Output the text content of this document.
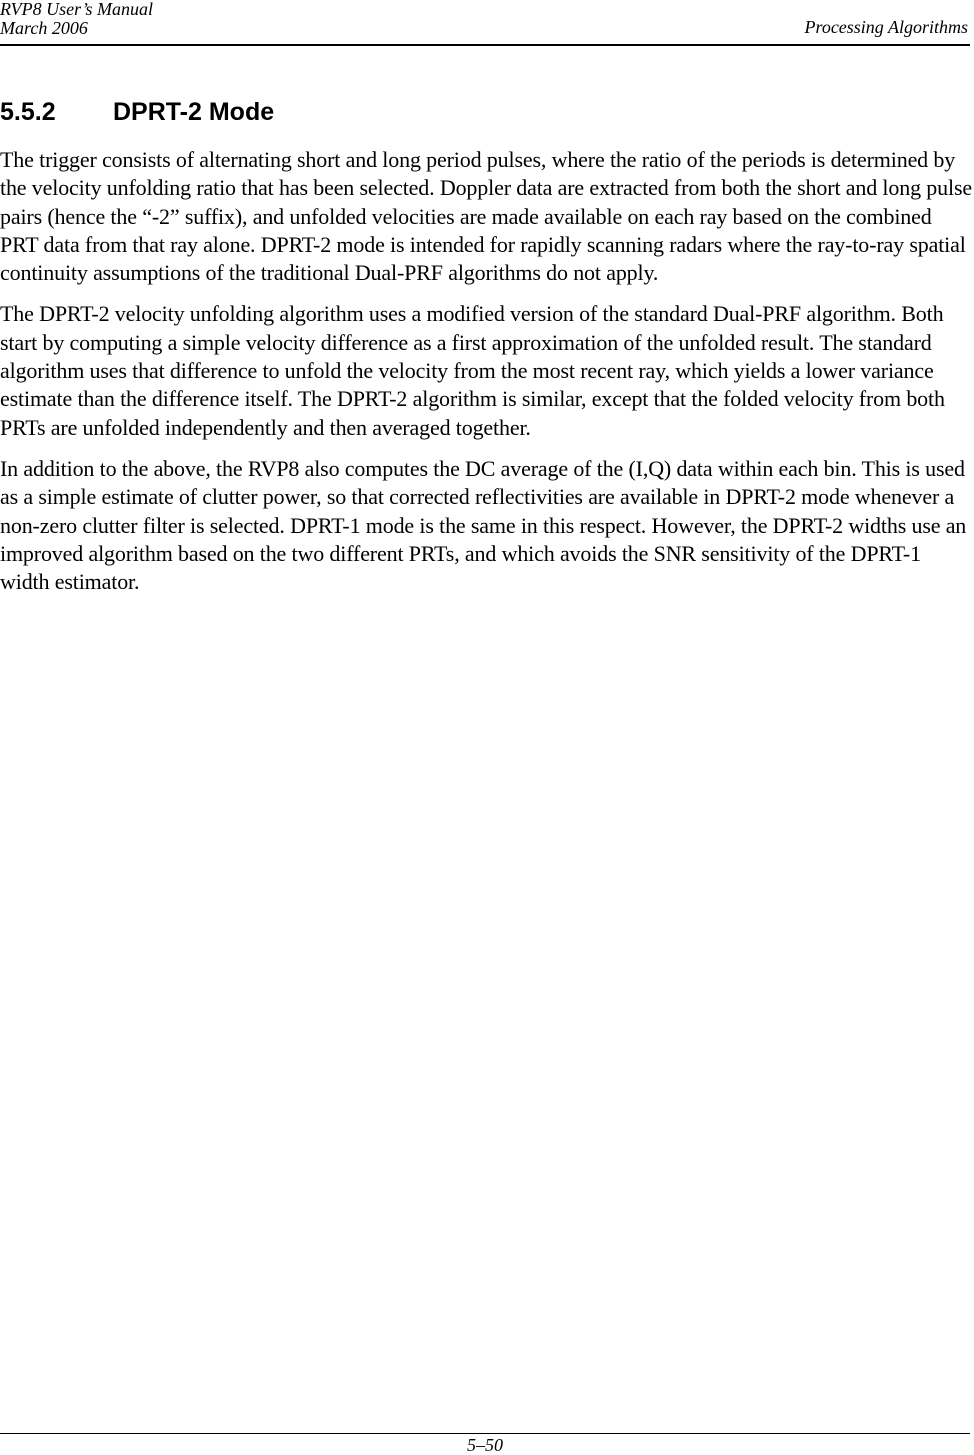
RVP8 User’s Manual
March 2006	Processing Algorithms
5.5.2 DPRT-2 Mode

The trigger consists of alternating short and long period pulses, where the ratio of the periods is determined by the velocity unfolding ratio that has been selected. Doppler data are extracted from both the short and long pulse pairs (hence the “-2” suffix), and unfolded velocities are made available on each ray based on the combined PRT data from that ray alone. DPRT-2 mode is intended for rapidly scanning radars where the ray-to-ray spatial continuity assumptions of the traditional Dual-PRF algorithms do not apply.

The DPRT-2 velocity unfolding algorithm uses a modified version of the standard Dual-PRF algorithm. Both start by computing a simple velocity difference as a first approximation of the unfolded result. The standard algorithm uses that difference to unfold the velocity from the most recent ray, which yields a lower variance estimate than the difference itself. The DPRT-2 algorithm is similar, except that the folded velocity from both PRTs are unfolded independently and then averaged together.

In addition to the above, the RVP8 also computes the DC average of the (I,Q) data within each bin. This is used as a simple estimate of clutter power, so that corrected reflectivities are available in DPRT-2 mode whenever a non-zero clutter filter is selected. DPRT-1 mode is the same in this respect. However, the DPRT-2 widths use an improved algorithm based on the two different PRTs, and which avoids the SNR sensitivity of the DPRT-1 width estimator.

5–50
